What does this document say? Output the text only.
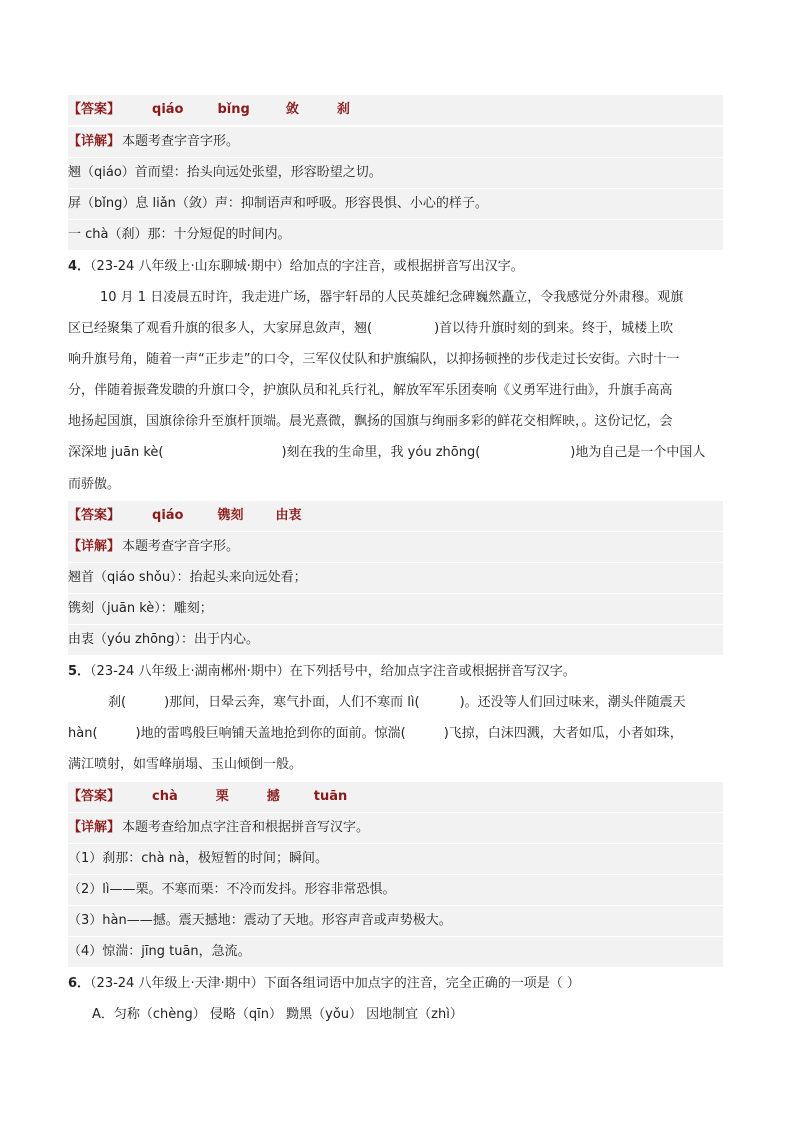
【答案】 qiáo	bǐng	敛	刹
【详解】 本题考查字音字形。
翘（qiáo）首而望：抬头向远处张望，形容盼望之切。
屏（bǐng）息 liǎn（敛）声：抑制语声和呼吸。形容畏惧、小心的样子。
一 chà（刹）那：十分短促的时间内。
4．（23-24 八年级上·山东聊城·期中）给加点的字注音，或根据拼音写出汉字。
10 月 1 日凌晨五时许，我走进广场，器宇轩昂的人民英雄纪念碑巍然矗立，令我感觉分外肃穆。观旗
区已经聚集了观看升旗的很多人，大家屏息敛声，翘(	)首以待升旗时刻的到来。终于，城楼上吹
响升旗号角，随着一声“正步走”的口令，三军仪仗队和护旗编队，以抑扬顿挫的步伐走过长安街。六时十一
分，伴随着振聋发聩的升旗口令，护旗队员和礼兵行礼，解放军军乐团奏响《义勇军进行曲》，升旗手高高
地扬起国旗，国旗徐徐升至旗杆顶端。晨光熹微，飘扬的国旗与绚丽多彩的鲜花交相辉映，。这份记忆，会
深深地 juān kè(	)刻在我的生命里，我 yóu zhōng(	)地为自己是一个中国人
而骄傲。
【答案】 qiáo	镌刻 由衷
【详解】 本题考查字音字形。
翘首（qiáo shǒu）：抬起头来向远处看；
镌刻（juān kè）：雕刻；
由衷（yóu zhōng）：出于内心。
5．（23-24 八年级上·湖南郴州·期中）在下列括号中，给加点字注音或根据拼音写汉字。
刹(	)那间，日晕云奔，寒气扑面，人们不寒而 lì(	)。还没等人们回过味来，潮头伴随震天
hàn(	)地的雷鸣般巨响铺天盖地抢到你的面前。惊湍(	)飞掠，白沫四溅，大者如瓜，小者如珠，
满江喷射，如雪峰崩塌、玉山倾倒一般。
【答案】 chà	栗	撼	tuān
【详解】 本题考查给加点字注音和根据拼音写汉字。
（1）刹那：chà nà，极短暂的时间；瞬间。
（2）lì——栗。不寒而栗：不冷而发抖。形容非常恐惧。
（3）hàn——撼。震天撼地：震动了天地。形容声音或声势极大。
（4）惊湍：jīng tuān，急流。
6．（23-24 八年级上·天津·期中）下面各组词语中加点字的注音，完全正确的一项是（ ）
A．匀称（chèng） 侵略（qīn） 黝黑（yǒu） 因地制宜（zhì）
